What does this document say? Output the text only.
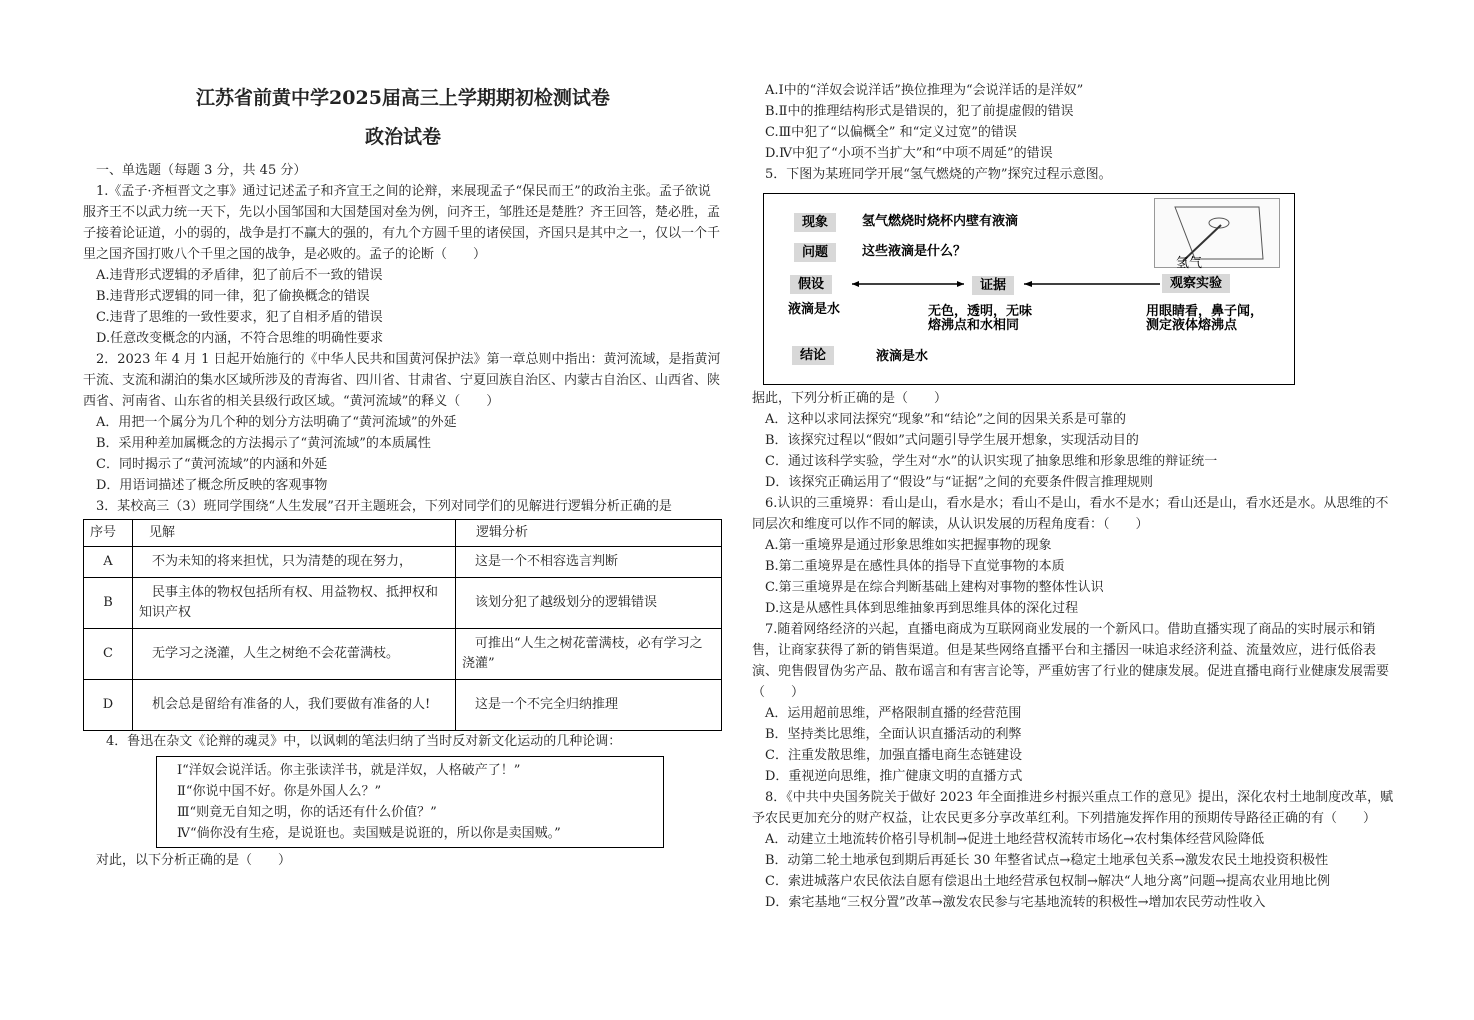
江苏省前黄中学2025届高三上学期期初检测试卷

政治试卷

一、单选题（每题 3 分，共 45 分）

1.《孟子·齐桓晋文之事》通过记述孟子和齐宣王之间的论辩，来展现孟子“保民而王”的政治主张。孟子欲说服齐王不以武力统一天下，先以小国邹国和大国楚国对垒为例，问齐王，邹胜还是楚胜？齐王回答，楚必胜，孟子接着论证道，小的弱的，战争是打不赢大的强的，有九个方圆千里的诸侯国，齐国只是其中之一，仅以一个千里之国齐国打败八个千里之国的战争，是必败的。孟子的论断（　　）

A.违背形式逻辑的矛盾律，犯了前后不一致的错误

B.违背形式逻辑的同一律，犯了偷换概念的错误

C.违背了思维的一致性要求，犯了自相矛盾的错误

D.任意改变概念的内涵，不符合思维的明确性要求

2．2023 年 4 月 1 日起开始施行的《中华人民共和国黄河保护法》第一章总则中指出：黄河流域，是指黄河干流、支流和湖泊的集水区域所涉及的青海省、四川省、甘肃省、宁夏回族自治区、内蒙古自治区、山西省、陕西省、河南省、山东省的相关县级行政区域。“黄河流域”的释义（　　）

A．用把一个属分为几个种的划分方法明确了“黄河流域”的外延

B．采用种差加属概念的方法揭示了“黄河流域”的本质属性

C．同时揭示了“黄河流域”的内涵和外延

D．用语词描述了概念所反映的客观事物

3．某校高三（3）班同学围绕“人生发展”召开主题班会，下列对同学们的见解进行逻辑分析正确的是

序号	见解	逻辑分析
A	不为未知的将来担忧，只为清楚的现在努力，	这是一个不相容选言判断
B	民事主体的物权包括所有权、用益物权、抵押权和知识产权	该划分犯了越级划分的逻辑错误
C	无学习之浇灌，人生之树绝不会花蕾满枝。	可推出“人生之树花蕾满枝，必有学习之浇灌”
D	机会总是留给有准备的人，我们要做有准备的人!	这是一个不完全归纳推理

4．鲁迅在杂文《论辩的魂灵》中，以讽刺的笔法归纳了当时反对新文化运动的几种论调：

Ⅰ“洋奴会说洋话。你主张读洋书，就是洋奴，人格破产了！”

Ⅱ“你说中国不好。你是外国人么？”

Ⅲ“则竟无自知之明，你的话还有什么价值？”

Ⅳ“倘你没有生疮，是说诳也。卖国贼是说诳的，所以你是卖国贼。”

对此，以下分析正确的是（　　）

A.Ⅰ中的“洋奴会说洋话”换位推理为“会说洋话的是洋奴”

B.Ⅱ中的推理结构形式是错误的，犯了前提虚假的错误

C.Ⅲ中犯了“以偏概全” 和“定义过宽”的错误

D.Ⅳ中犯了“小项不当扩大”和“中项不周延”的错误

5．下图为某班同学开展“氢气燃烧的产物”探究过程示意图。

现象	氢气燃烧时烧杯内壁有液滴
问题	这些液滴是什么？
氢气
假设	证据	观察实验
液滴是水	无色，透明，无味
熔沸点和水相同
用眼睛看，鼻子闻，
测定液体熔沸点
结论	液滴是水

据此，下列分析正确的是（　　）

A．这种以求同法探究“现象”和“结论”之间的因果关系是可靠的

B．该探究过程以“假如”式问题引导学生展开想象，实现活动目的

C．通过该科学实验，学生对“水”的认识实现了抽象思维和形象思维的辩证统一

D．该探究正确运用了“假设”与“证据”之间的充要条件假言推理规则

6.认识的三重境界：看山是山，看水是水；看山不是山，看水不是水；看山还是山，看水还是水。从思维的不同层次和维度可以作不同的解读，从认识发展的历程角度看：（　　）

A.第一重境界是通过形象思维如实把握事物的现象

B.第二重境界是在感性具体的指导下直觉事物的本质

C.第三重境界是在综合判断基础上建构对事物的整体性认识

D.这是从感性具体到思维抽象再到思维具体的深化过程

7.随着网络经济的兴起，直播电商成为互联网商业发展的一个新风口。借助直播实现了商品的实时展示和销售，让商家获得了新的销售渠道。但是某些网络直播平台和主播因一味追求经济利益、流量效应，进行低俗表演、兜售假冒伪劣产品、散布谣言和有害言论等，严重妨害了行业的健康发展。促进直播电商行业健康发展需要（　　）

A．运用超前思维，严格限制直播的经营范围

B．坚持类比思维，全面认识直播活动的利弊

C．注重发散思维，加强直播电商生态链建设

D．重视逆向思维，推广健康文明的直播方式

8．《中共中央国务院关于做好 2023 年全面推进乡村振兴重点工作的意见》提出，深化农村土地制度改革，赋予农民更加充分的财产权益，让农民更多分享改革红利。下列措施发挥作用的预期传导路径正确的有（　　）

A．动建立土地流转价格引导机制→促进土地经营权流转市场化→农村集体经营风险降低

B．动第二轮土地承包到期后再延长 30 年整省试点→稳定土地承包关系→激发农民土地投资积极性

C．索进城落户农民依法自愿有偿退出土地经营承包权制→解决“人地分离”问题→提高农业用地比例

D．索宅基地“三权分置”改革→激发农民参与宅基地流转的积极性→增加农民劳动性收入
